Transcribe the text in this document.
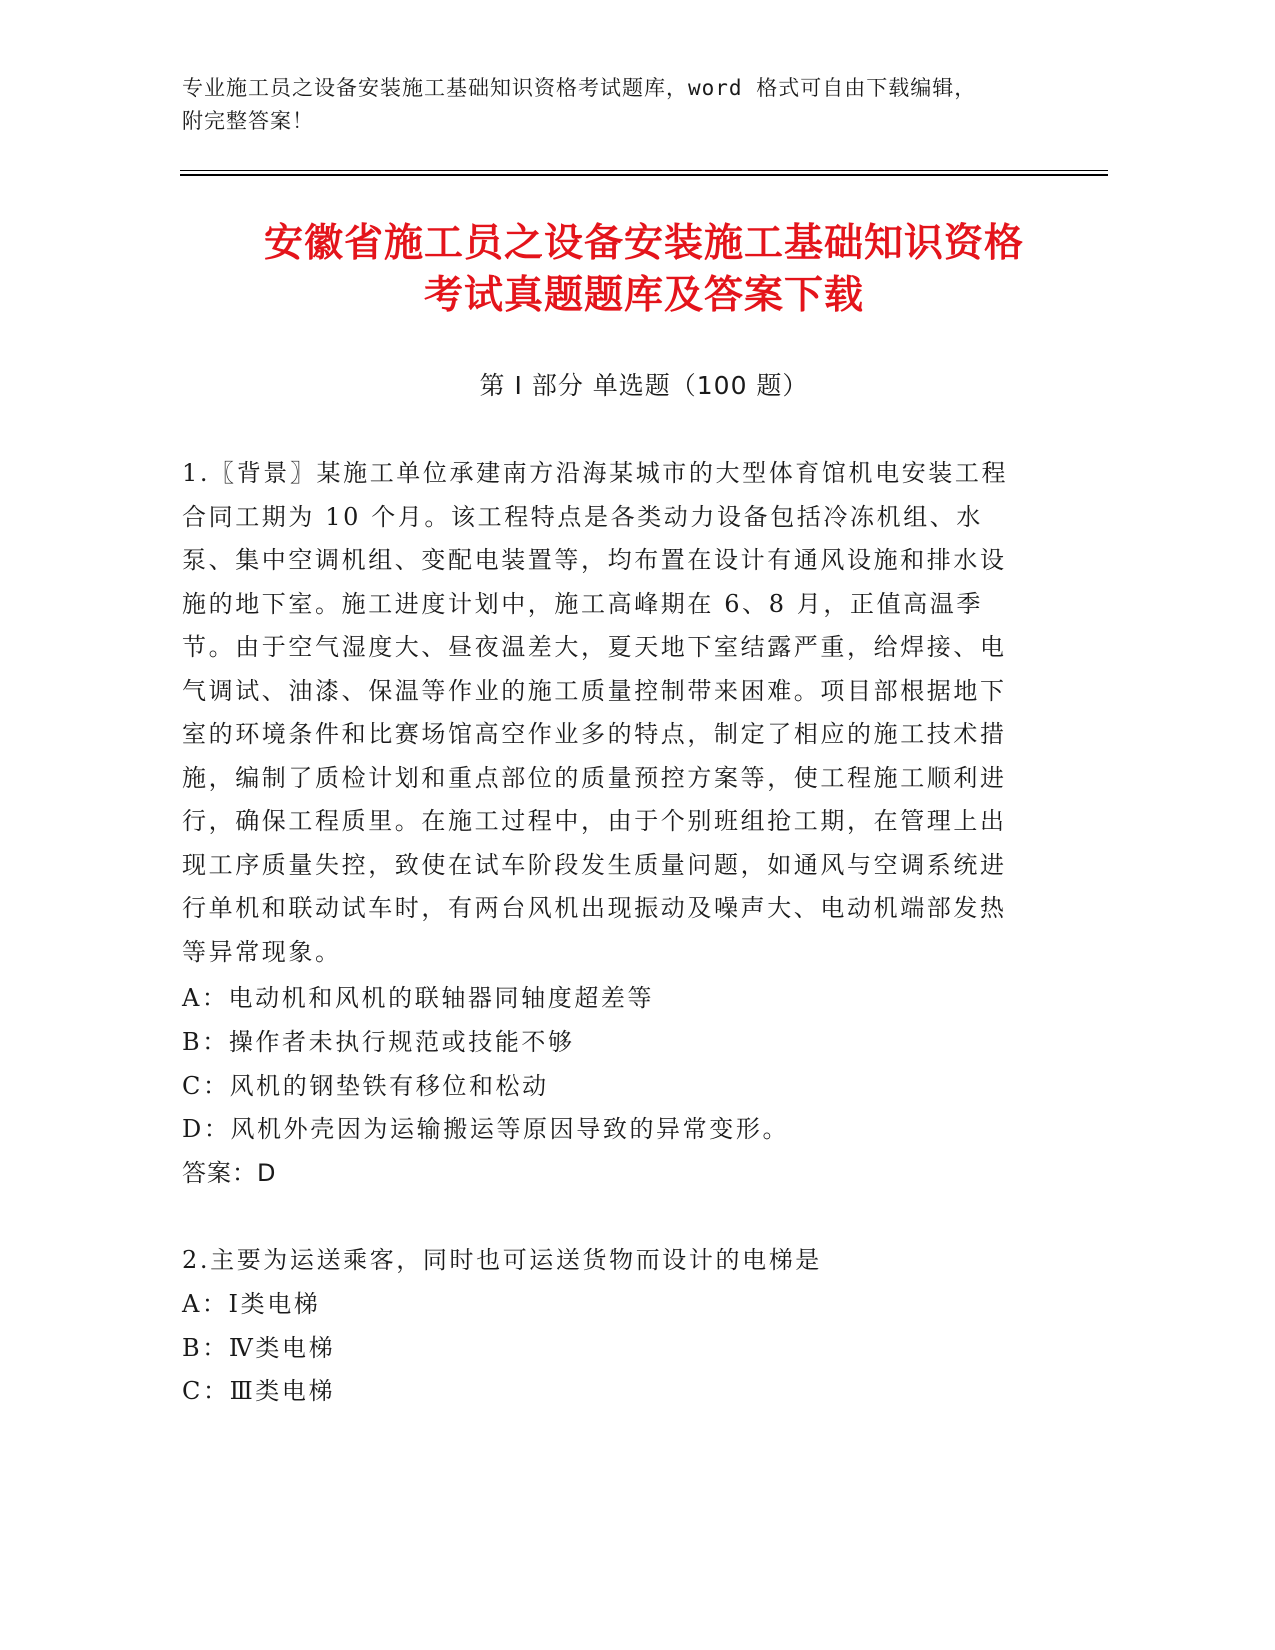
专业施工员之设备安装施工基础知识资格考试题库，word 格式可自由下载编辑，
附完整答案！
安徽省施工员之设备安装施工基础知识资格
考试真题题库及答案下载
第 I 部分 单选题（100 题）
1.〖背景〗某施工单位承建南方沿海某城市的大型体育馆机电安装工程合同工期为 10 个月。该工程特点是各类动力设备包括冷冻机组、水泵、集中空调机组、变配电装置等，均布置在设计有通风设施和排水设施的地下室。施工进度计划中，施工高峰期在 6、8 月，正值高温季节。由于空气湿度大、昼夜温差大，夏天地下室结露严重，给焊接、电气调试、油漆、保温等作业的施工质量控制带来困难。项目部根据地下室的环境条件和比赛场馆高空作业多的特点，制定了相应的施工技术措施，编制了质检计划和重点部位的质量预控方案等，使工程施工顺利进行，确保工程质里。在施工过程中，由于个别班组抢工期，在管理上出现工序质量失控，致使在试车阶段发生质量问题，如通风与空调系统进行单机和联动试车时，有两台风机出现振动及噪声大、电动机端部发热等异常现象。
A：电动机和风机的联轴器同轴度超差等
B：操作者未执行规范或技能不够
C：风机的钢垫铁有移位和松动
D：风机外壳因为运输搬运等原因导致的异常变形。
答案：D
2.主要为运送乘客，同时也可运送货物而设计的电梯是
A：Ⅰ类电梯
B：Ⅳ类电梯
C：Ⅲ类电梯
